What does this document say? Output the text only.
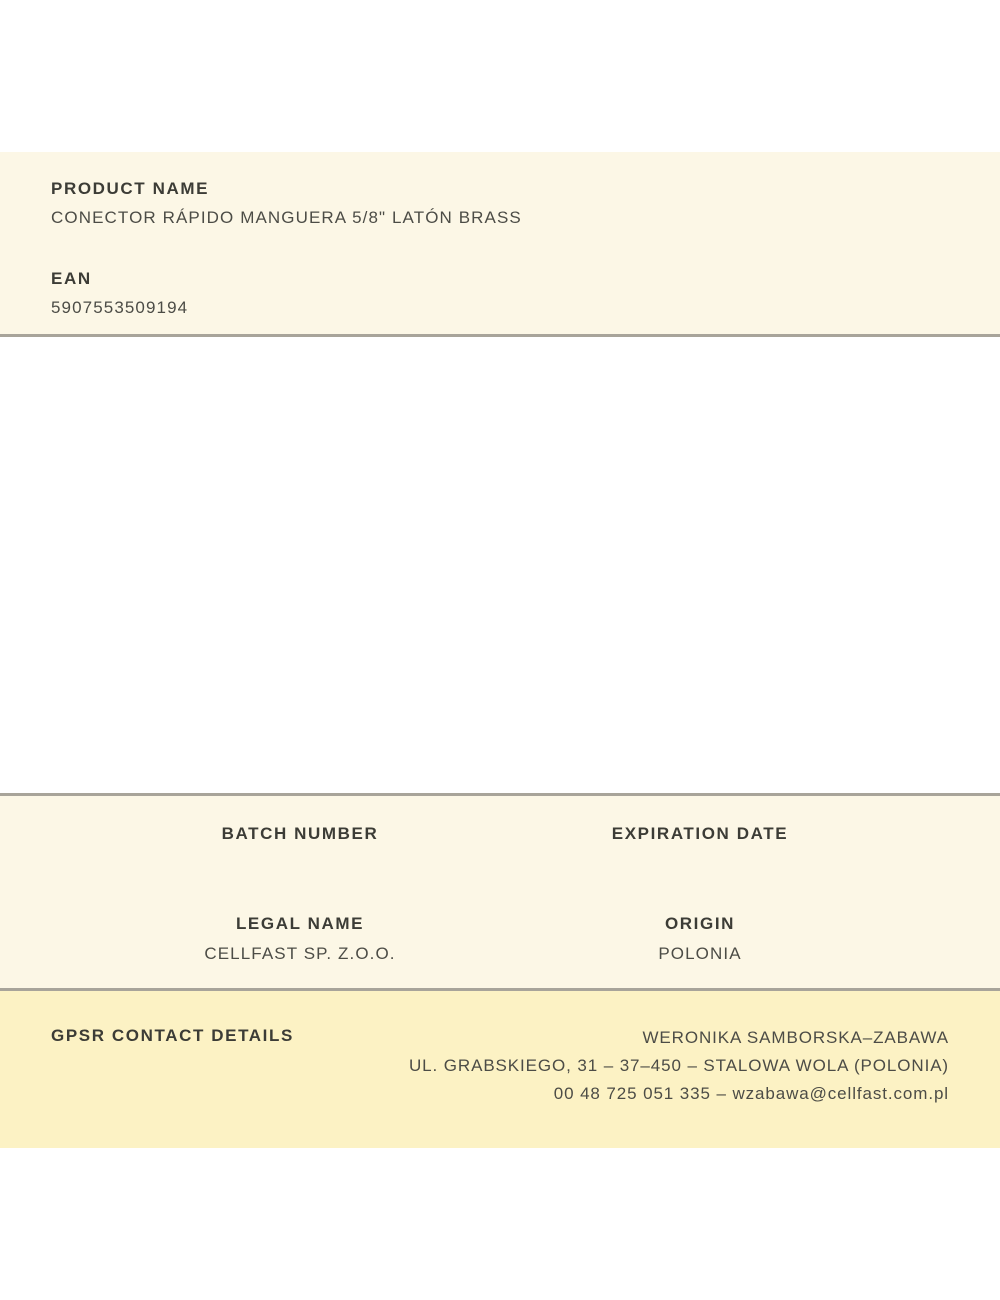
PRODUCT NAME
CONECTOR RÁPIDO MANGUERA 5/8" LATÓN BRASS
EAN
5907553509194
BATCH NUMBER	EXPIRATION DATE
LEGAL NAME
CELLFAST SP. Z.O.O.
ORIGIN
POLONIA
GPSR CONTACT DETAILS	WERONIKA SAMBORSKA–ZABAWA
UL. GRABSKIEGO, 31 – 37–450 – STALOWA WOLA (POLONIA)
00 48 725 051 335 – wzabawa@cellfast.com.pl
